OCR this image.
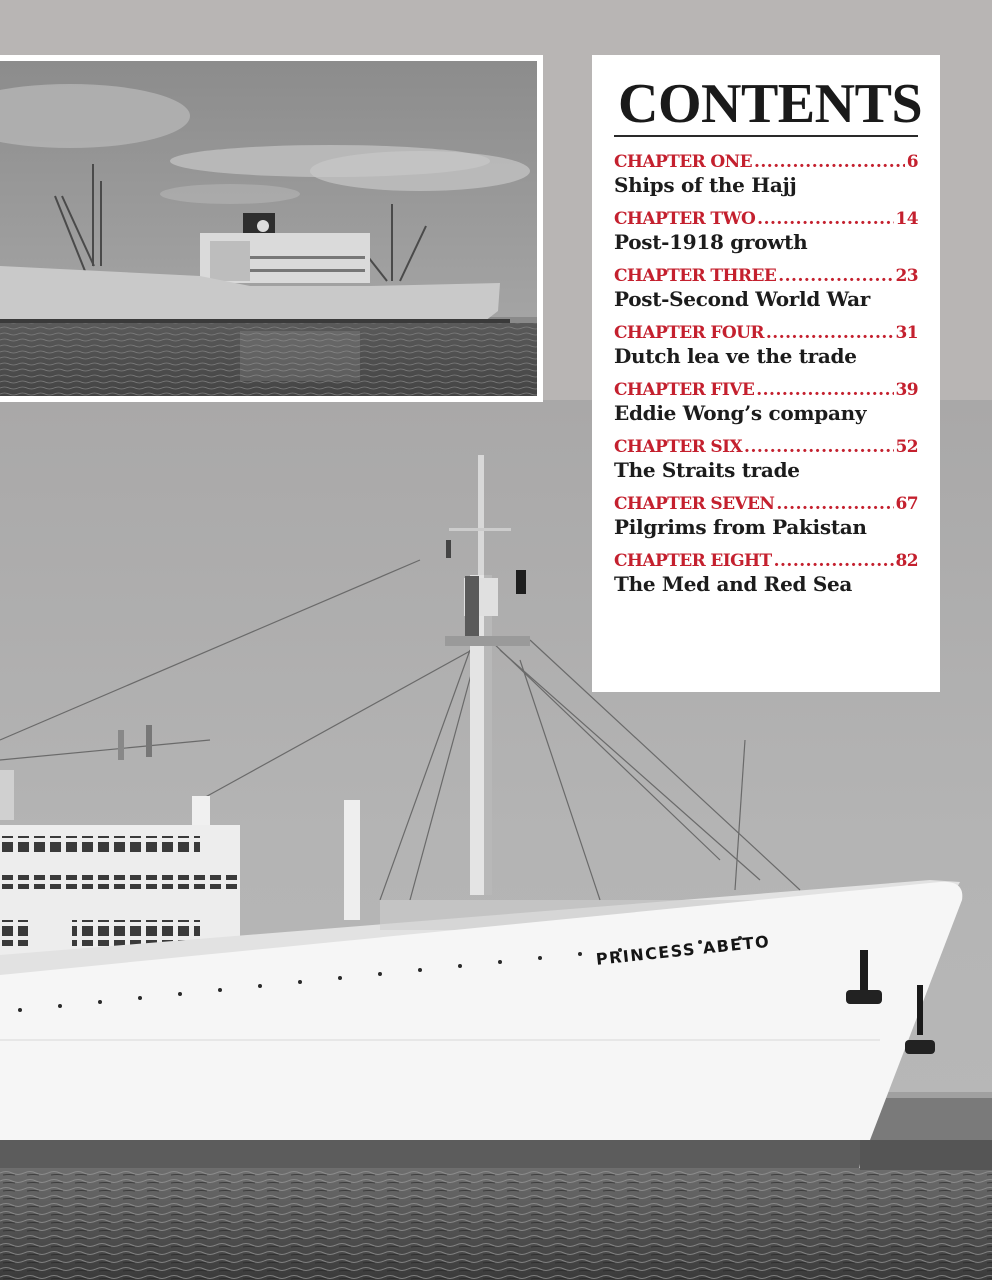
PRINCESS ABETO
CONTENTS
CHAPTER ONE .....	6
Ships of the Hajj
CHAPTER TWO .....	14
Post-1918 growth
CHAPTER THREE .....	23
Post-Second World War
CHAPTER FOUR .....	31
Dutch lea ve the trade
CHAPTER FIVE .....	39
Eddie Wong’s company
CHAPTER SIX .....	52
The Straits trade
CHAPTER SEVEN .....	67
Pilgrims from Pakistan
CHAPTER EIGHT .....	82
The Med and Red Sea
